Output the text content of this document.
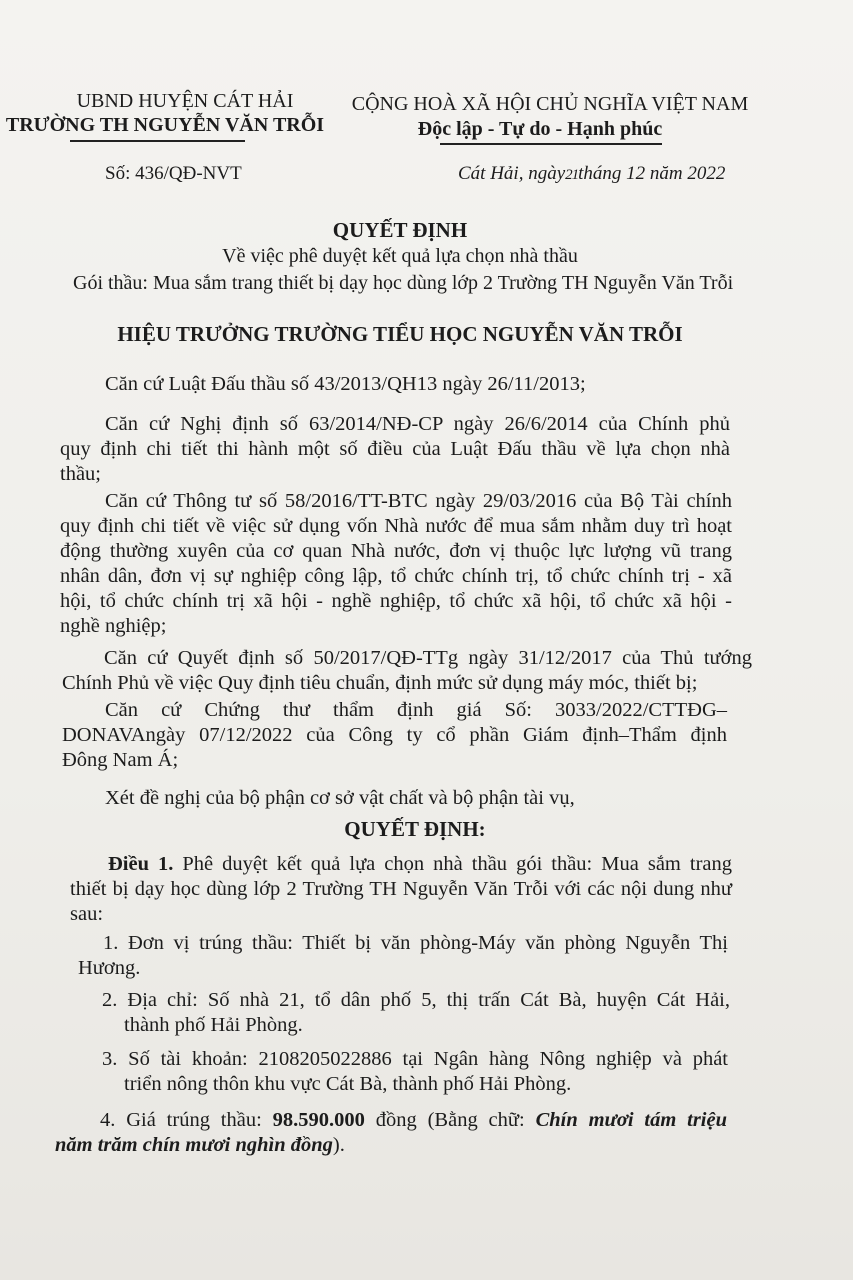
UBND HUYỆN CÁT HẢI
TRƯỜNG TH NGUYỄN VĂN TRỖI
CỘNG HOÀ XÃ HỘI CHỦ NGHĨA VIỆT NAM
Độc lập - Tự do - Hạnh phúc
Số: 436/QĐ-NVT	Cát Hải, ngày21tháng 12 năm 2022
QUYẾT ĐỊNH
Về việc phê duyệt kết quả lựa chọn nhà thầu
Gói thầu: Mua sắm trang thiết bị dạy học dùng lớp 2 Trường TH Nguyễn Văn Trỗi
HIỆU TRƯỞNG TRƯỜNG TIỂU HỌC NGUYỄN VĂN TRỖI
Căn cứ Luật Đấu thầu số 43/2013/QH13 ngày 26/11/2013;
Căn cứ Nghị định số 63/2014/NĐ-CP ngày 26/6/2014 của Chính phủ
quy định chi tiết thi hành một số điều của Luật Đấu thầu về lựa chọn nhà
thầu;
Căn cứ Thông tư số 58/2016/TT-BTC ngày 29/03/2016 của Bộ Tài chính
quy định chi tiết về việc sử dụng vốn Nhà nước để mua sắm nhằm duy trì hoạt
động thường xuyên của cơ quan Nhà nước, đơn vị thuộc lực lượng vũ trang
nhân dân, đơn vị sự nghiệp công lập, tổ chức chính trị, tổ chức chính trị - xã
hội, tổ chức chính trị xã hội - nghề nghiệp, tổ chức xã hội, tổ chức xã hội -
nghề nghiệp;
Căn cứ Quyết định số 50/2017/QĐ-TTg ngày 31/12/2017 của Thủ tướng
Chính Phủ về việc Quy định tiêu chuẩn, định mức sử dụng máy móc, thiết bị;
Căn cứ Chứng thư thẩm định giá Số: 3033/2022/CTTĐG–
DONAVAngày 07/12/2022 của Công ty cổ phần Giám định–Thẩm định
Đông Nam Á;
Xét đề nghị của bộ phận cơ sở vật chất và bộ phận tài vụ,
QUYẾT ĐỊNH:
Điều 1. Phê duyệt kết quả lựa chọn nhà thầu gói thầu: Mua sắm trang
thiết bị dạy học dùng lớp 2 Trường TH Nguyễn Văn Trỗi với các nội dung như
sau:
1. Đơn vị trúng thầu: Thiết bị văn phòng-Máy văn phòng Nguyễn Thị
Hương.
2. Địa chỉ: Số nhà 21, tổ dân phố 5, thị trấn Cát Bà, huyện Cát Hải,
thành phố Hải Phòng.
3. Số tài khoản: 2108205022886 tại Ngân hàng Nông nghiệp và phát
triển nông thôn khu vực Cát Bà, thành phố Hải Phòng.
4. Giá trúng thầu: 98.590.000 đồng (Bằng chữ: Chín mươi tám triệu
năm trăm chín mươi nghìn đồng).
